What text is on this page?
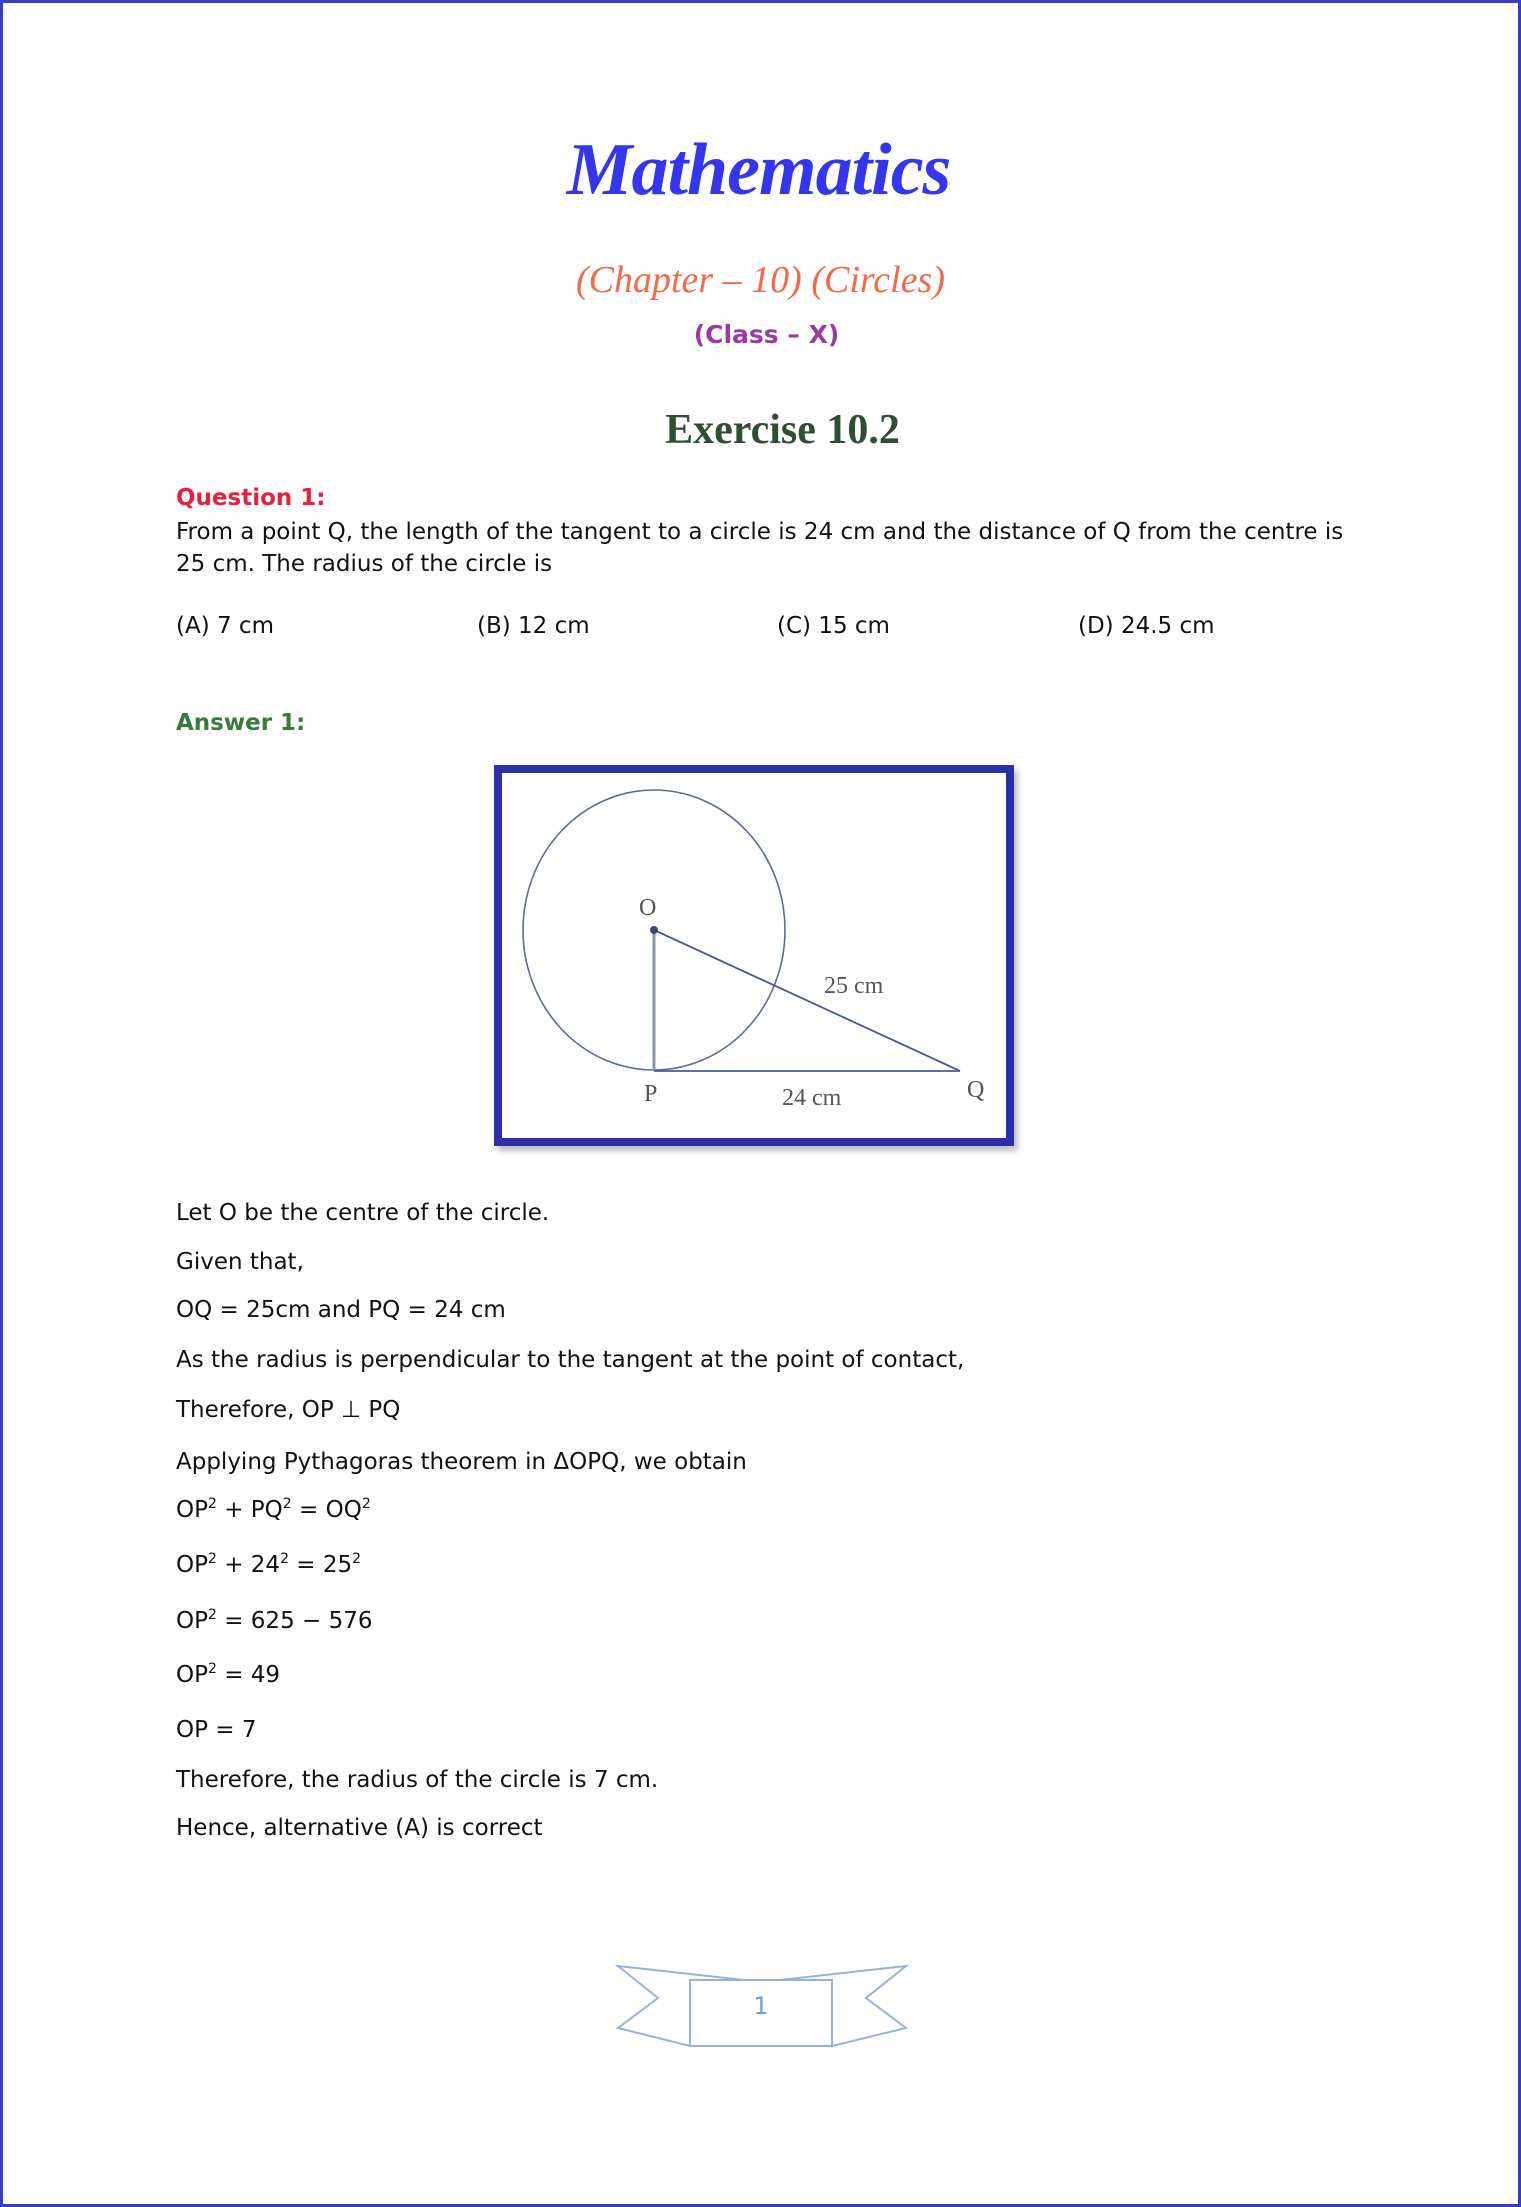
Mathematics
(Chapter – 10) (Circles)
(Class – X)
Exercise 10.2
Question 1:
From a point Q, the length of the tangent to a circle is 24 cm and the distance of Q from the centre is 25 cm. The radius of the circle is
(A) 7 cm	(B) 12 cm	(C) 15 cm	(D) 24.5 cm
Answer 1:
O
P	Q
25 cm
24 cm
Let O be the centre of the circle.
Given that,
OQ = 25cm and PQ = 24 cm
As the radius is perpendicular to the tangent at the point of contact,
Therefore, OP ⊥ PQ
Applying Pythagoras theorem in ΔOPQ, we obtain
$OP^2 + PQ^2 = OQ^2$
$OP^2 + 24^2 = 25^2$
$OP^2 = 625 - 576$
$OP^2 = 49$
OP = 7
Therefore, the radius of the circle is 7 cm.
Hence, alternative (A) is correct
1
